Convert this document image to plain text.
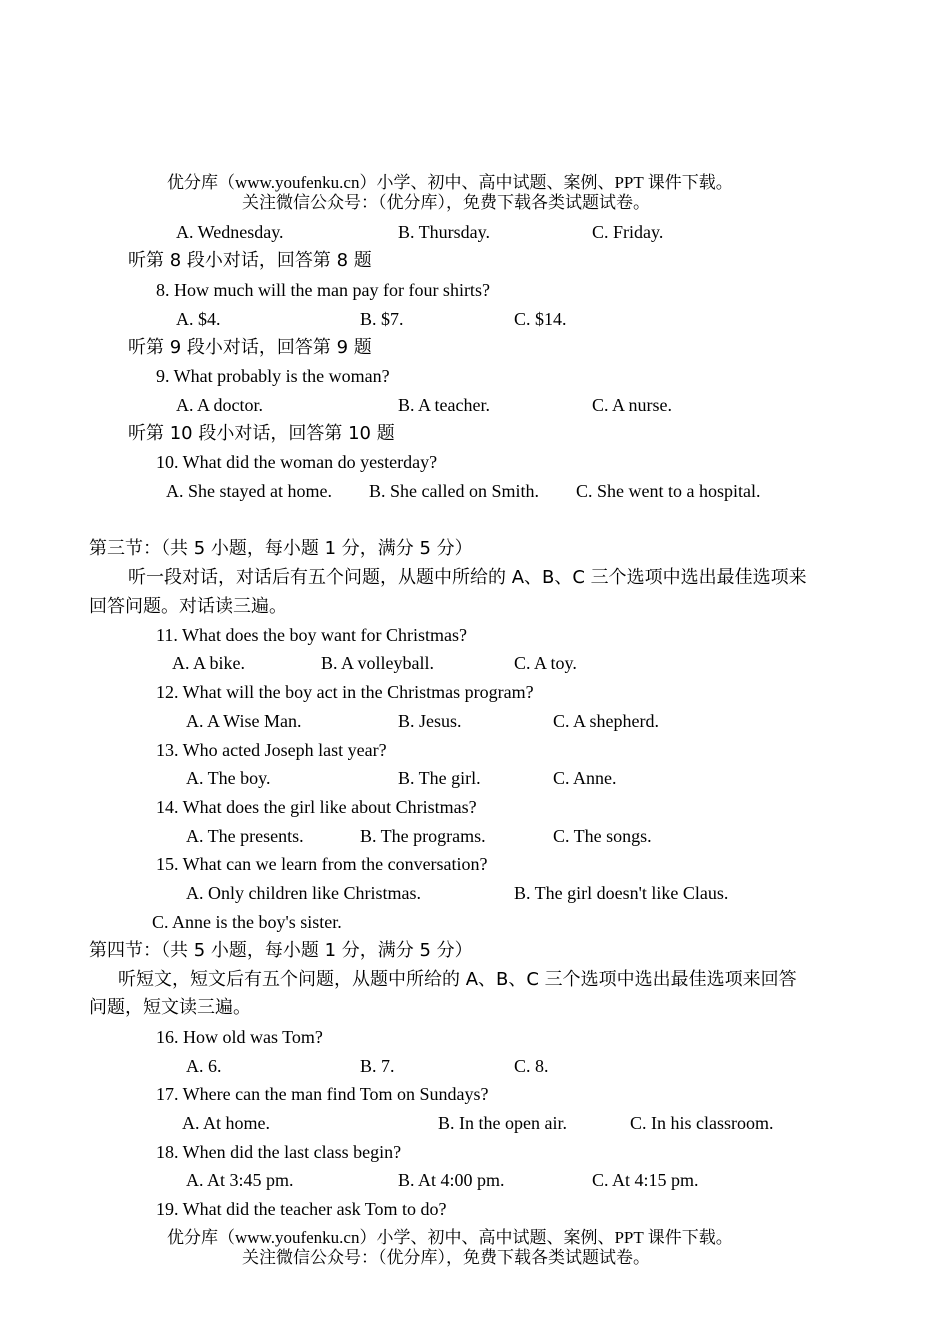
优分库（www.youfenku.cn）小学、初中、高中试题、案例、PPT 课件下载。
关注微信公众号：（优分库），免费下载各类试题试卷。
A. Wednesday.	B. Thursday.	C. Friday.
听第 8 段小对话，回答第 8 题
8. How much will the man pay for four shirts?
A. $4.	B. $7.	C. $14.
听第 9 段小对话，回答第 9 题
9. What probably is the woman?
A. A doctor.	B. A teacher.	C. A nurse.
听第 10 段小对话，回答第 10 题
10. What did the woman do yesterday?
A. She stayed at home. B. She called on Smith. C. She went to a hospital.
第三节：（共 5 小题，每小题 1 分，满分 5 分）
听一段对话，对话后有五个问题，从题中所给的 A、B、C 三个选项中选出最佳选项来
回答问题。对话读三遍。
11. What does the boy want for Christmas?
A. A bike.	B. A volleyball.	C. A toy.
12. What will the boy act in the Christmas program?
A. A Wise Man.	B. Jesus.	C. A shepherd.
13. Who acted Joseph last year?
A. The boy.	B. The girl.	C. Anne.
14. What does the girl like about Christmas?
A. The presents.	B. The programs.	C. The songs.
15. What can we learn from the conversation?
A. Only children like Christmas.	B. The girl doesn't like Claus.
C. Anne is the boy's sister.
第四节：（共 5 小题，每小题 1 分，满分 5 分）
听短文，短文后有五个问题，从题中所给的 A、B、C 三个选项中选出最佳选项来回答
问题，短文读三遍。
16. How old was Tom?
A. 6.	B. 7.	C. 8.
17. Where can the man find Tom on Sundays?
A. At home.	B. In the open air.	C. In his classroom.
18. When did the last class begin?
A. At 3:45 pm.	B. At 4:00 pm.	C. At 4:15 pm.
19. What did the teacher ask Tom to do?
优分库（www.youfenku.cn）小学、初中、高中试题、案例、PPT 课件下载。
关注微信公众号：（优分库），免费下载各类试题试卷。
